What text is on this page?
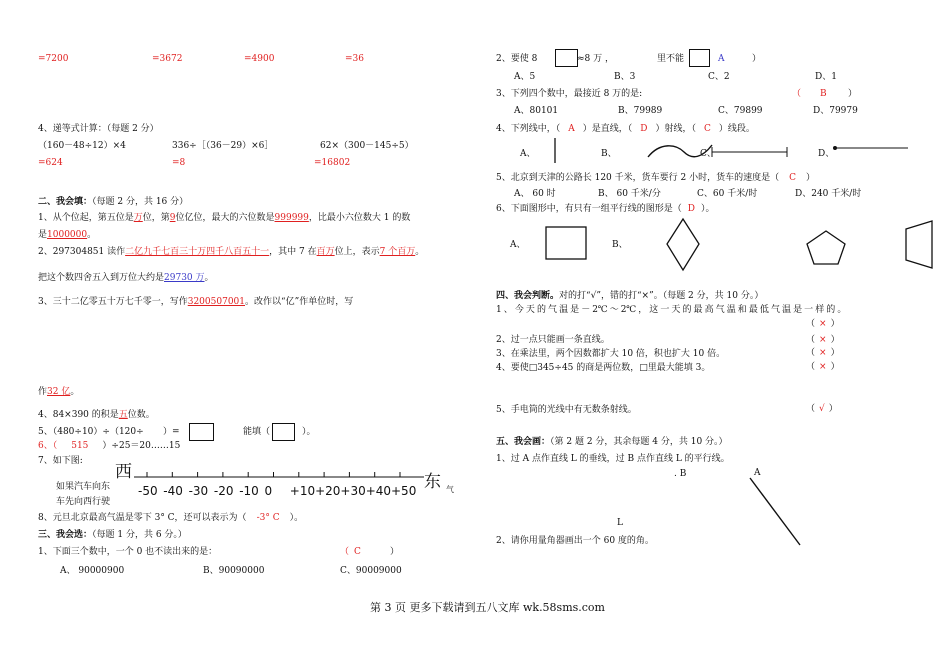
=7200	=3672	=4900	=36
4、递等式计算：（每题 2 分）
（160－48÷12）×4	336÷［（36－29）×6］	62×（300－145÷5）
=624	=8	=16802
二、我会填：（每题 2 分，共 16 分）
1、从个位起，第五位是万位，第9位亿位，最大的六位数是999999，比最小六位数大 1 的数
是1000000。
2、297304851 读作二亿九千七百三十万四千八百五十一，其中 7 在百万位上，表示7 个百万。
把这个数四舍五入到万位大约是29730 万。
3、三十二亿零五十万七千零一，写作3200507001。改作以“亿”作单位时，写
作32 亿。
4、84×390 的积是五位数。
5、（480÷10）÷（120÷ ）=	能填（	）。
6、（ 515 ）÷25＝20……15
7、如下图:
西	东 气
如果汽车向东
车先向西行驶
-50 -40 -30 -20 -10 0 +10 +20 +30 +40 +50
8、元旦北京最高气温是零下 3° C，还可以表示为（ -3° C ）。
三、我会选：（每题 1 分，共 6 分。）
1、下面三个数中，一个 0 也不读出来的是：	（ C	）
A、 90000900	B、90090000	C、90009000
2、要使 8	≈8 万 ，	里不能	A	）
A、5	B、3	C、2	D、1
3、下列四个数中，最接近 8 万的是:	（ B ）
A、80101	B、79989	C、79899	D、79979
4、下列线中，（ A ）是直线，（ D ）射线，（ C ）线段。
A、	B、	C、	D、
5、北京到天津的公路长 120 千米，货车要行 2 小时，货车的速度是（ C ）
A、 60 时	B、 60 千米/分	C、60 千米/时	D、240 千米/时
6、下面图形中，有只有一组平行线的图形是（ D ）。
A、	B、
四、我会判断。对的打“√”，错的打“×”。（每题 2 分，共 10 分。）
1 、 今 天 的 气 温 是 － 2℃ ～ 2℃ ， 这 一 天 的 最 高 气 温 和 最 低 气 温 是 一 样 的 。
（ × ）
2、过一点只能画一条直线。	（ × ）
3、在乘法里，两个因数都扩大 10 倍，积也扩大 10 倍。	（ × ）
4、要使□345÷45 的商是两位数，□里最大能填 3。	（ × ）
5、手电筒的光线中有无数条射线。	（ √ ）
五、我会画：（第 2 题 2 分，其余每题 4 分，共 10 分。）
1、过 A 点作直线 L 的垂线，过 B 点作直线 L 的平行线。
. B	A
L
2、请你用量角器画出一个 60 度的角。
第 3 页 更多下载请到五八文库 wk.58sms.com
